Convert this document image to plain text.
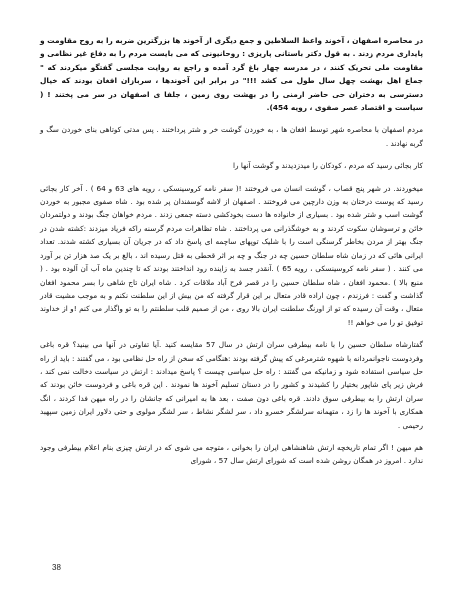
در محاصره اصفهان ، آخوند واعظ السلاطین و جمع دیگری از آخوند ها بزرگترین ضربه را به روح مقاومت و پایداری مردم زدند . به قول دکتر باستانی پاریزی : روحانیونی که می بایست مردم را به دفاع غیر نظامی و مقاومت ملی تحریک کنند ، در مدرسه چهار باغ گرد آمده و راجع به روایت مجلسی گفتگو میکردند که " جماع اهل بهشت چهل سال طول می کشد !!!" در برابر این آخوندها ، سربازان افغان بودند که خیال دسترسی به دختران حی حاضر ارمنی را در بهشت روی زمین ، جلفا ی اصفهان در سر می پختند ! ( سیاست و اقتصاد عصر صفوی ، رویه 454).

مردم اصفهان با محاصره شهر توسط افغان ها ، به خوردن گوشت خر و شتر پرداختند . پس مدتی کوتاهی بنای خوردن سگ و گربه نهادند .

کار بجائی رسید که مردم ، کودکان را میدزدیدند و گوشت آنها را

میخوردند. در شهر پنج قصاب ، گوشت انسان می فروختند !( سفر نامه کروسینسکی ، رویه های 63 و 64 ) . آخر کار بجائی رسید که پوست درختان به وزن دارچین می فروختند . اصفهان از لاشه گوسفندان پر شده بود . شاه صفوی مجبور به خوردن گوشت اسب و شتر شده بود . بسیاری از خانواده ها دست بخودکشی دسته جمعی زدند . مردم خواهان جنگ بودند و دولتمردان خائن و ترسوشان سکوت کردند و به خوشگذرانی می پرداختند . شاه تظاهرات مردم گرسنه راکه فریاد میزدند :کشته شدن در جنگ بهتر از مردن بخاطر گرسنگی است را با شلیک توپهای ساچمه ای پاسخ داد که در جریان آن بسیاری کشته شدند. تعداد ایرانی هائی که در زمان شاه سلطان حسین چه در جنگ و چه بر اثر قحطی به قتل رسیده اند ، بالغ بر یک صد هزار تن بر آورد می کنند . ( سفر نامه کروسینسکی ، رویه 65 ) .آنقدر جسد به زاینده رود انداختند بودند که تا چندین ماه آب آن آلوده بود . ( منبع بالا ) .محمود افغان ، شاه سلطان حسین را در قصر فرح آباد ملاقات کرد . شاه ایران تاج شاهی را بسر محمود افغان گذاشت و گفت : فرزندم ، چون اراده قادر متعال بر این قرار گرفته که من بیش از این سلطنت نکنم و به موجب مشیت قادر متعال ، وقت آن رسیده که تو از اورنگ سلطنت ایران بالا روی ، من از صمیم قلب سلطنتم را به تو واگذار می کنم !و از خداوند توفیق تو را می خواهم !!

گفتارشاه سلطان حسین را با نامه بیطرفی سران ارتش در سال 57 مقایسه کنید .آیا تفاوتی در آنها می بینید؟ قره باغی وفردوست ناجوانمردانه با شهوه شترمرغی که پیش گرفته بودند :هنگامی که سخن از راه حل نظامی بود ، می گفتند : باید از راه حل سیاسی استفاده شود و زمانیکه می گفتند : راه حل سیاسی چیست ؟ پاسخ میدادند : ارتش در سیاست دخالت نمی کند ، فرش زیر پای شاپور بختیار را کشیدند و کشور را در دستان تسلیم آخوند ها نمودند . این قره باغی و فردوست خائن بودند که سران ارتش را به بیطرفی سوق دادند. قره باغی دون صفت ، بعد ها به امیرانی که جانشان را در راه میهن فدا کردند ، انگ همکاری با آخوند ها را زد ، متهمانه سرلشگر خسرو داد ، سر لشگر نشاط ، سر لشگر مولوی و حتی دلاور ایران زمین سپهبد رحیمی .

هم میهن ! اگر تمام تاریخچه ارتش شاهنشاهی ایران را بخوانی ، متوجه می شوی که در ارتش چیزی بنام اعلام بیطرفی وجود ندارد . امروز در همگان روشن شده است که شورای ارتش سال 57 ، شورای

38
